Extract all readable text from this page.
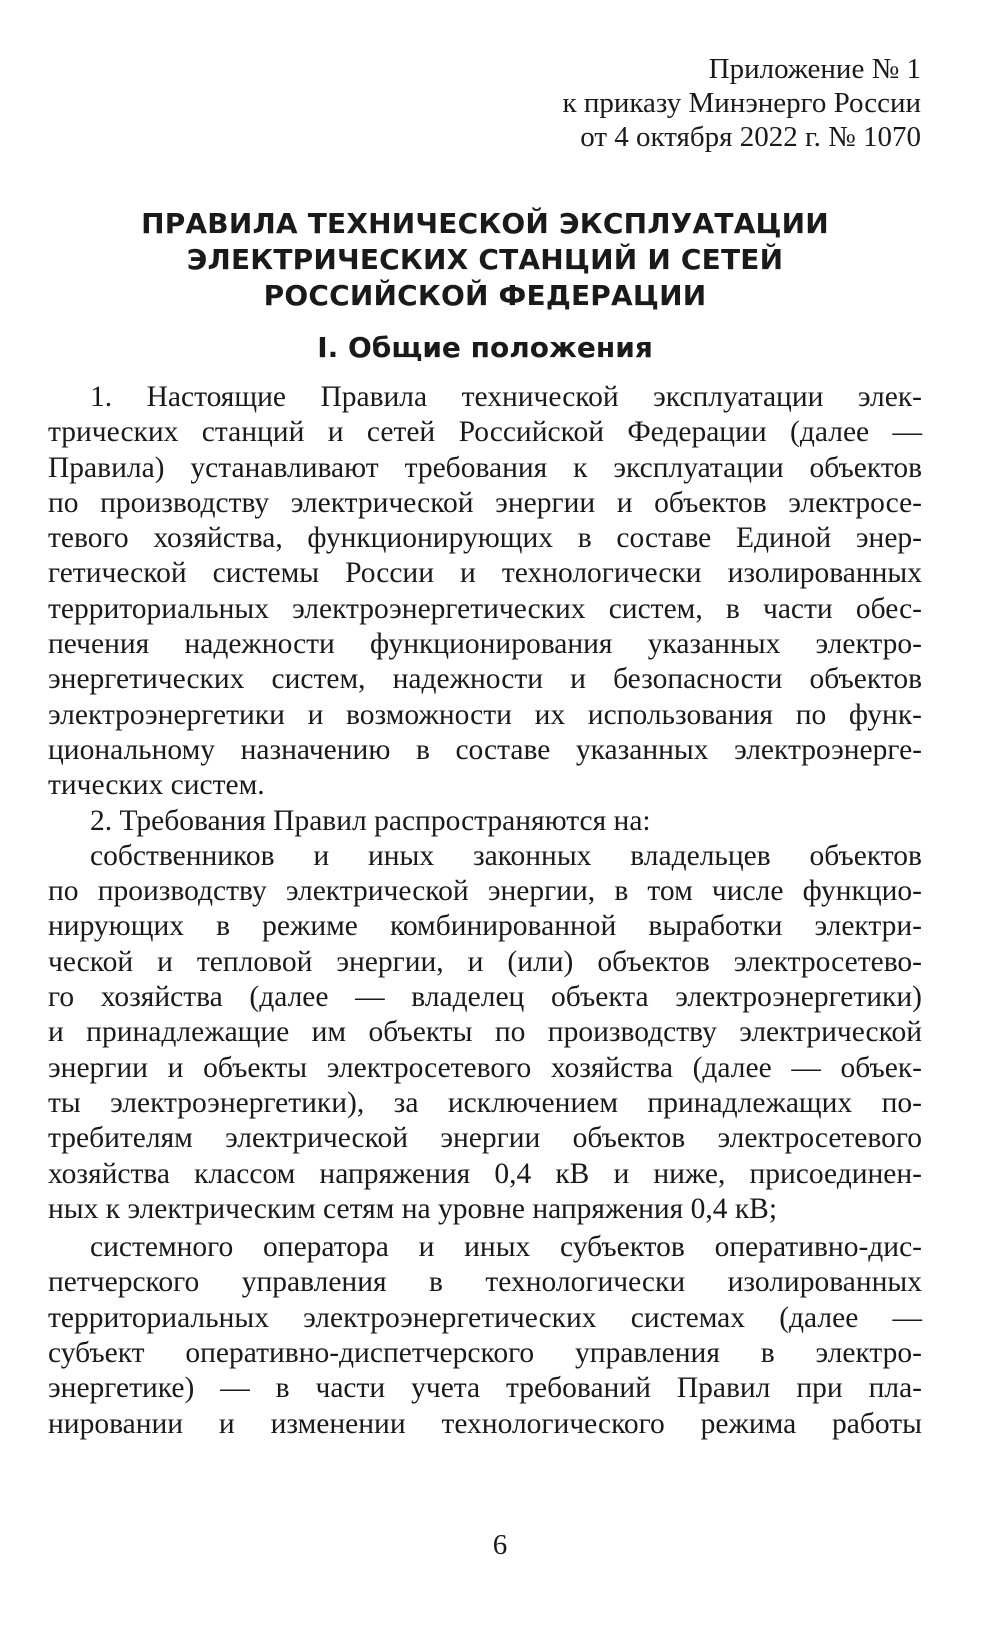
Приложение № 1
к приказу Минэнерго России
от 4 октября 2022 г. № 1070
ПРАВИЛА ТЕХНИЧЕСКОЙ ЭКСПЛУАТАЦИИ
ЭЛЕКТРИЧЕСКИХ СТАНЦИЙ И СЕТЕЙ
РОССИЙСКОЙ ФЕДЕРАЦИИ
I. Общие положения
1. Настоящие Правила технической эксплуатации элек-
трических станций и сетей Российской Федерации (далее —
Правила) устанавливают требования к эксплуатации объектов
по производству электрической энергии и объектов электросе-
тевого хозяйства, функционирующих в составе Единой энер-
гетической системы России и технологически изолированных
территориальных электроэнергетических систем, в части обес-
печения надежности функционирования указанных электро-
энергетических систем, надежности и безопасности объектов
электроэнергетики и возможности их использования по функ-
циональному назначению в составе указанных электроэнерге-
тических систем.
2. Требования Правил распространяются на:
собственников и иных законных владельцев объектов
по производству электрической энергии, в том числе функцио-
нирующих в режиме комбинированной выработки электри-
ческой и тепловой энергии, и (или) объектов электросетево-
го хозяйства (далее — владелец объекта электроэнергетики)
и принадлежащие им объекты по производству электрической
энергии и объекты электросетевого хозяйства (далее — объек-
ты электроэнергетики), за исключением принадлежащих по-
требителям электрической энергии объектов электросетевого
хозяйства классом напряжения 0,4 кВ и ниже, присоединен-
ных к электрическим сетям на уровне напряжения 0,4 кВ;
системного оператора и иных субъектов оперативно-дис-
петчерского управления в технологически изолированных
территориальных электроэнергетических системах (далее —
субъект оперативно-диспетчерского управления в электро-
энергетике) — в части учета требований Правил при пла-
нировании и изменении технологического режима работы
6
